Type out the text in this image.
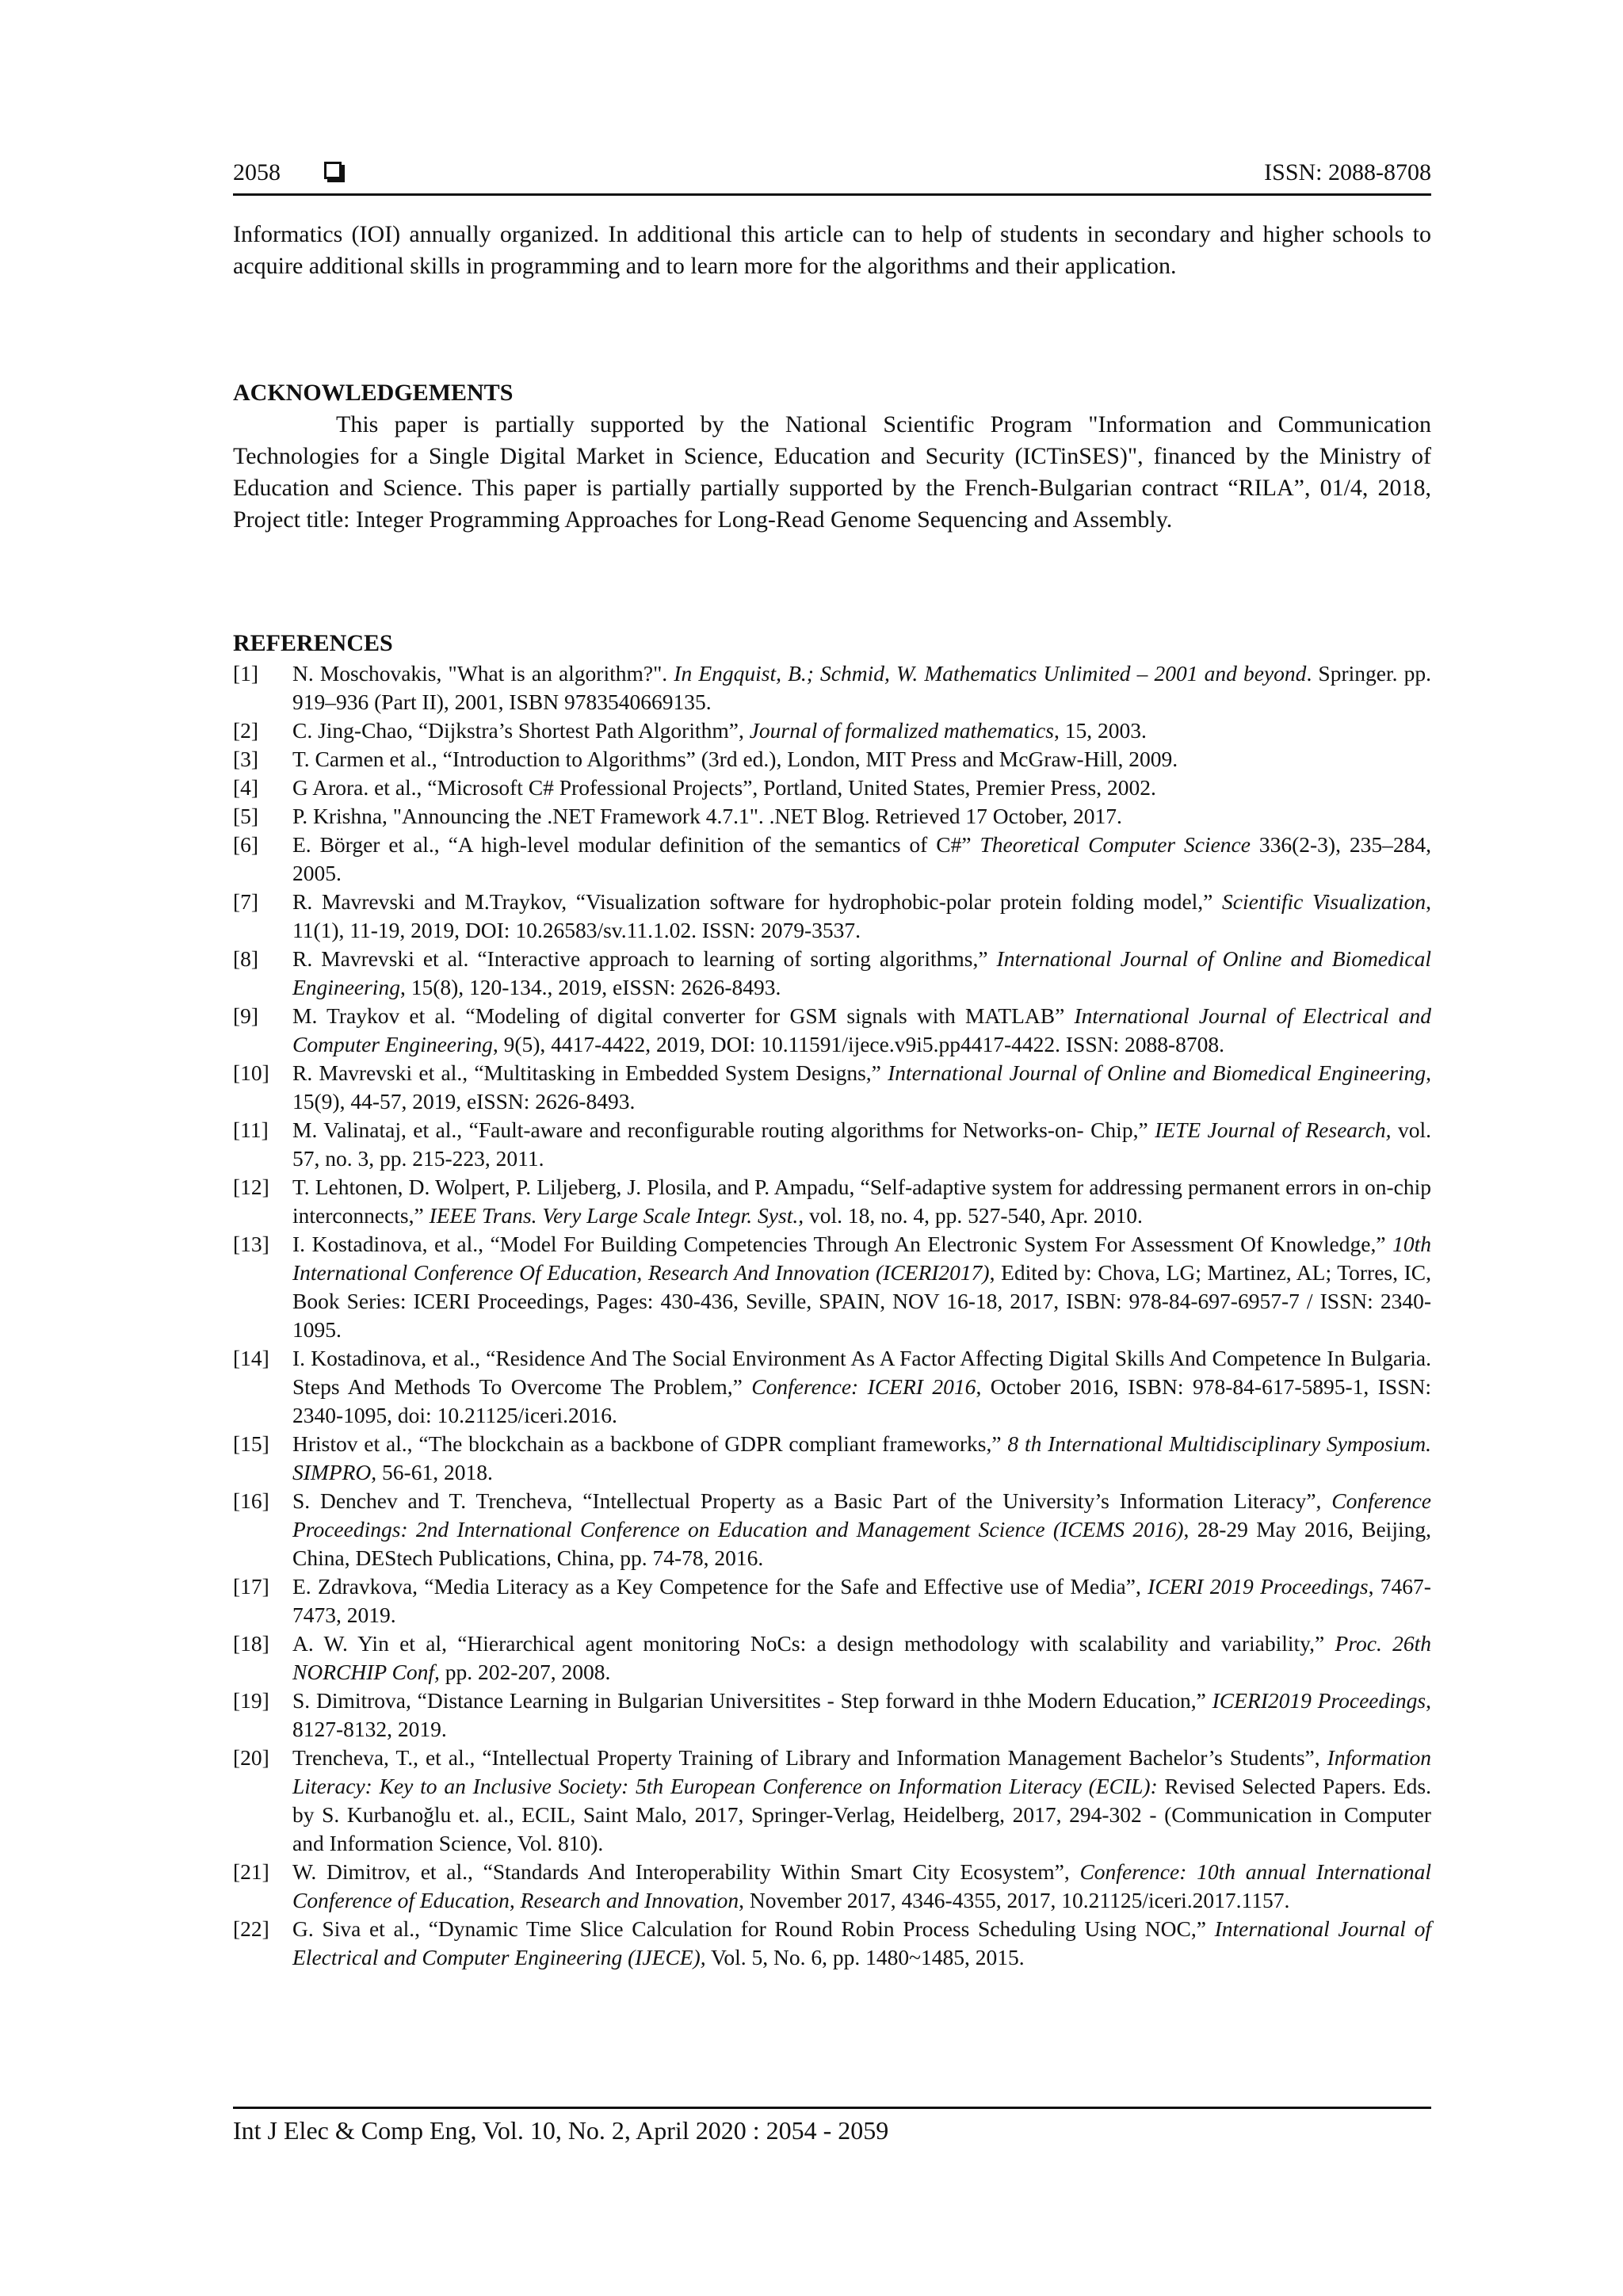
2058	ISSN: 2088-8708

Informatics (IOI) annually organized. In additional this article can to help of students in secondary and higher schools to acquire additional skills in programming and to learn more for the algorithms and their application.

ACKNOWLEDGEMENTS

This paper is partially supported by the National Scientific Program "Information and Communication Technologies for a Single Digital Market in Science, Education and Security (ICTinSES)", financed by the Ministry of Education and Science. This paper is partially partially supported by the French-Bulgarian contract “RILA”, 01/4, 2018, Project title: Integer Programming Approaches for Long-Read Genome Sequencing and Assembly.

REFERENCES
[1] N. Moschovakis, "What is an algorithm?". In Engquist, B.; Schmid, W. Mathematics Unlimited – 2001 and beyond. Springer. pp. 919–936 (Part II), 2001, ISBN 9783540669135.
[2] C. Jing-Chao, “Dijkstra’s Shortest Path Algorithm”, Journal of formalized mathematics, 15, 2003.
[3] T. Carmen et al., “Introduction to Algorithms” (3rd ed.), London, MIT Press and McGraw-Hill, 2009.
[4] G Arora. et al., “Microsoft C# Professional Projects”, Portland, United States, Premier Press, 2002.
[5] P. Krishna, "Announcing the .NET Framework 4.7.1". .NET Blog. Retrieved 17 October, 2017.
[6] E. Börger et al., “A high-level modular definition of the semantics of C#” Theoretical Computer Science 336(2-3), 235–284, 2005.
[7] R. Mavrevski and M.Traykov, “Visualization software for hydrophobic-polar protein folding model,” Scientific Visualization, 11(1), 11-19, 2019, DOI: 10.26583/sv.11.1.02. ISSN: 2079-3537.
[8] R. Mavrevski et al. “Interactive approach to learning of sorting algorithms,” International Journal of Online and Biomedical Engineering, 15(8), 120-134., 2019, eISSN: 2626-8493.
[9] M. Traykov et al. “Modeling of digital converter for GSM signals with MATLAB” International Journal of Electrical and Computer Engineering, 9(5), 4417-4422, 2019, DOI: 10.11591/ijece.v9i5.pp4417-4422. ISSN: 2088-8708.
[10] R. Mavrevski et al., “Multitasking in Embedded System Designs,” International Journal of Online and Biomedical Engineering, 15(9), 44-57, 2019, eISSN: 2626-8493.
[11] M. Valinataj, et al., “Fault-aware and reconfigurable routing algorithms for Networks-on- Chip,” IETE Journal of Research, vol. 57, no. 3, pp. 215-223, 2011.
[12] T. Lehtonen, D. Wolpert, P. Liljeberg, J. Plosila, and P. Ampadu, “Self-adaptive system for addressing permanent errors in on-chip interconnects,” IEEE Trans. Very Large Scale Integr. Syst., vol. 18, no. 4, pp. 527-540, Apr. 2010.
[13] I. Kostadinova, et al., “Model For Building Competencies Through An Electronic System For Assessment Of Knowledge,” 10th International Conference Of Education, Research And Innovation (ICERI2017), Edited by: Chova, LG; Martinez, AL; Torres, IC, Book Series: ICERI Proceedings, Pages: 430-436, Seville, SPAIN, NOV 16-18, 2017, ISBN: 978-84-697-6957-7 / ISSN: 2340-1095.
[14] I. Kostadinova, et al., “Residence And The Social Environment As A Factor Affecting Digital Skills And Competence In Bulgaria. Steps And Methods To Overcome The Problem,” Conference: ICERI 2016, October 2016, ISBN: 978-84-617-5895-1, ISSN: 2340-1095, doi: 10.21125/iceri.2016.
[15] Hristov et al., “The blockchain as a backbone of GDPR compliant frameworks,” 8 th International Multidisciplinary Symposium. SIMPRO, 56-61, 2018.
[16] S. Denchev and T. Trencheva, “Intellectual Property as a Basic Part of the University’s Information Literacy”, Conference Proceedings: 2nd International Conference on Education and Management Science (ICEMS 2016), 28-29 May 2016, Beijing, China, DEStech Publications, China, pp. 74-78, 2016.
[17] E. Zdravkova, “Media Literacy as a Key Competence for the Safe and Effective use of Media”, ICERI 2019 Proceedings, 7467-7473, 2019.
[18] A. W. Yin et al, “Hierarchical agent monitoring NoCs: a design methodology with scalability and variability,” Proc. 26th NORCHIP Conf, pp. 202-207, 2008.
[19] S. Dimitrova, “Distance Learning in Bulgarian Universitites - Step forward in thhe Modern Education,” ICERI2019 Proceedings, 8127-8132, 2019.
[20] Trencheva, T., et al., “Intellectual Property Training of Library and Information Management Bachelor’s Students”, Information Literacy: Key to an Inclusive Society: 5th European Conference on Information Literacy (ECIL): Revised Selected Papers. Eds. by S. Kurbanoğlu et. al., ECIL, Saint Malo, 2017, Springer-Verlag, Heidelberg, 2017, 294-302 - (Communication in Computer and Information Science, Vol. 810).
[21] W. Dimitrov, et al., “Standards And Interoperability Within Smart City Ecosystem”, Conference: 10th annual International Conference of Education, Research and Innovation, November 2017, 4346-4355, 2017, 10.21125/iceri.2017.1157.
[22] G. Siva et al., “Dynamic Time Slice Calculation for Round Robin Process Scheduling Using NOC,” International Journal of Electrical and Computer Engineering (IJECE), Vol. 5, No. 6, pp. 1480~1485, 2015.

Int J Elec & Comp Eng, Vol. 10, No. 2, April 2020 : 2054 - 2059
